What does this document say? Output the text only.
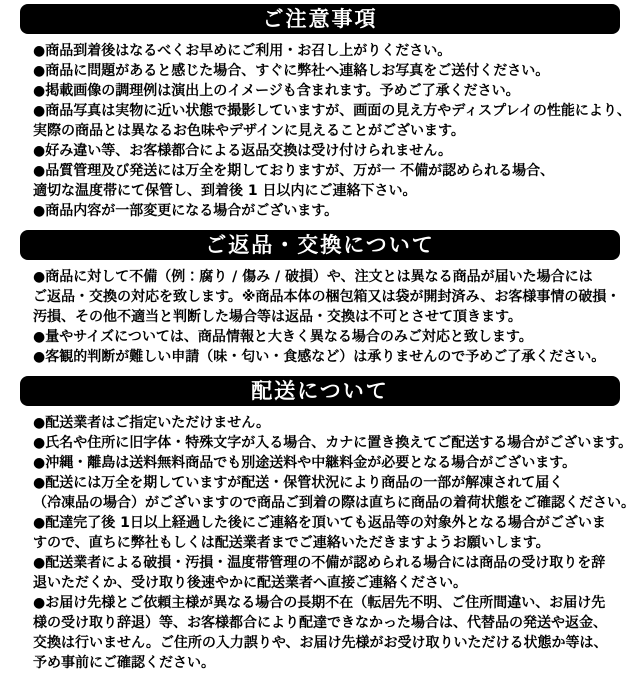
ご注意事項
●商品到着後はなるべくお早めにご利用・お召し上がりください。
●商品に問題があると感じた場合、すぐに弊社へ連絡しお写真をご送付ください。
●掲載画像の調理例は演出上のイメージも含まれます。予めご了承ください。
●商品写真は実物に近い状態で撮影していますが、画面の見え方やディスプレイの性能により、
実際の商品とは異なるお色味やデザインに見えることがございます。
●好み違い等、お客様都合による返品交換は受け付けられません。
●品質管理及び発送には万全を期しておりますが、万が一 不備が認められる場合、
適切な温度帯にて保管し、到着後 1 日以内にご連絡下さい。
●商品内容が一部変更になる場合がございます。
ご返品・交換について
●商品に対して不備（例：腐り / 傷み / 破損）や、注文とは異なる商品が届いた場合には
ご返品・交換の対応を致します。※商品本体の梱包箱又は袋が開封済み、お客様事情の破損・
汚損、その他不適当と判断した場合等は返品・交換は不可とさせて頂きます。
●量やサイズについては、商品情報と大きく異なる場合のみご対応と致します。
●客観的判断が難しい申請（味・匂い・食感など）は承りませんので予めご了承ください。
配送について
●配送業者はご指定いただけません。
●氏名や住所に旧字体・特殊文字が入る場合、カナに置き換えてご配送する場合がございます。
●沖縄・離島は送料無料商品でも別途送料や中継料金が必要となる場合がございます。
●配送には万全を期していますが配送・保管状況により商品の一部が解凍されて届く
（冷凍品の場合）がございますので商品ご到着の際は直ちに商品の着荷状態をご確認ください。
●配達完了後 1日以上経過した後にご連絡を頂いても返品等の対象外となる場合がございま
すので、直ちに弊社もしくは配送業者までご連絡いただきますようお願いします。
●配送業者による破損・汚損・温度帯管理の不備が認められる場合には商品の受け取りを辞
退いただくか、受け取り後速やかに配送業者へ直接ご連絡ください。
●お届け先様とご依頼主様が異なる場合の長期不在（転居先不明、ご住所間違い、お届け先
様の受け取り辞退）等、お客様都合により配達できなかった場合は、代替品の発送や返金、
交換は行いません。ご住所の入力誤りや、お届け先様がお受け取りいただける状態か等は、
予め事前にご確認ください。
